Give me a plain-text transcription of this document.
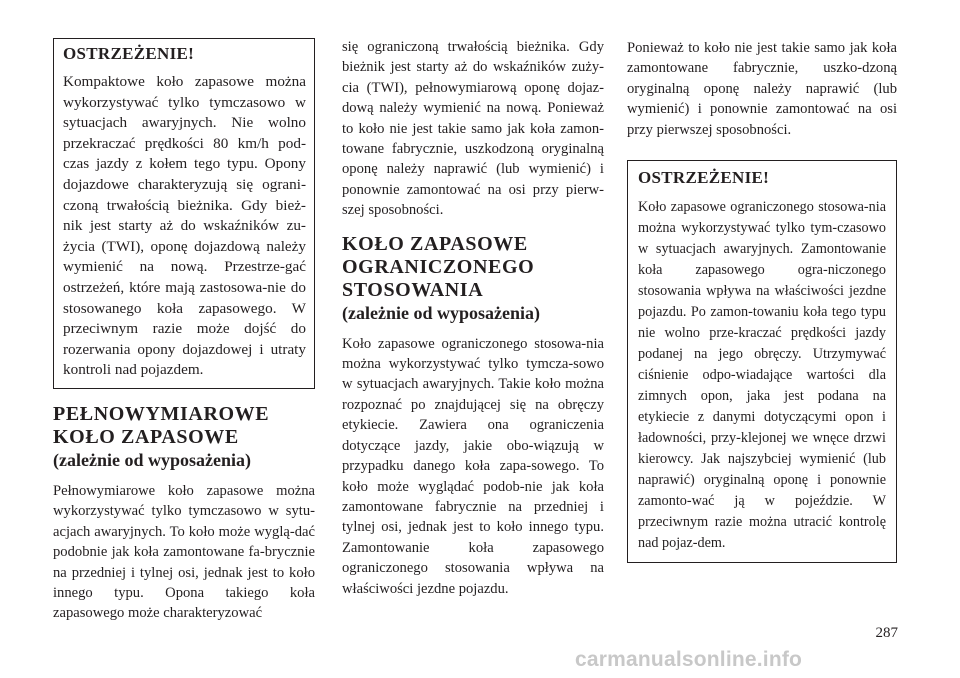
OSTRZEŻENIE!

Kompaktowe koło zapasowe można wykorzystywać tylko tymczasowo w sytuacjach awaryjnych. Nie wolno przekraczać prędkości 80 km/h pod-czas jazdy z kołem tego typu. Opony dojazdowe charakteryzują się ograni-czoną trwałością bieżnika. Gdy bież-nik jest starty aż do wskaźników zu-życia (TWI), oponę dojazdową należy wymienić na nową. Przestrze-gać ostrzeżeń, które mają zastosowa-nie do stosowanego koła zapasowego. W przeciwnym razie może dojść do rozerwania opony dojazdowej i utraty kontroli nad pojazdem.

PEŁNOWYMIAROWE
KOŁO ZAPASOWE
(zależnie od wyposażenia)

Pełnowymiarowe koło zapasowe można wykorzystywać tylko tymczasowo w sytu-acjach awaryjnych. To koło może wyglą-dać podobnie jak koła zamontowane fa-brycznie na przedniej i tylnej osi, jednak jest to koło innego typu. Opona takiego koła zapasowego może charakteryzować

się ograniczoną trwałością bieżnika. Gdy bieżnik jest starty aż do wskaźników zuży-cia (TWI), pełnowymiarową oponę dojaz-dową należy wymienić na nową. Ponieważ to koło nie jest takie samo jak koła zamon-towane fabrycznie, uszkodzoną oryginalną oponę należy naprawić (lub wymienić) i ponownie zamontować na osi przy pierw-szej sposobności.

KOŁO ZAPASOWE
OGRANICZONEGO
STOSOWANIA
(zależnie od wyposażenia)

Koło zapasowe ograniczonego stosowa-nia można wykorzystywać tylko tymcza-sowo w sytuacjach awaryjnych. Takie koło można rozpoznać po znajdującej się na obręczy etykiecie. Zawiera ona ograniczenia dotyczące jazdy, jakie obo-wiązują w przypadku danego koła zapa-sowego. To koło może wyglądać podob-nie jak koła zamontowane fabrycznie na przedniej i tylnej osi, jednak jest to koło innego typu. Zamontowanie koła zapasowego ograniczonego stosowania wpływa na właściwości jezdne pojazdu.

Ponieważ to koło nie jest takie samo jak koła zamontowane fabrycznie, uszko-dzoną oryginalną oponę należy naprawić (lub wymienić) i ponownie zamontować na osi przy pierwszej sposobności.

OSTRZEŻENIE!

Koło zapasowe ograniczonego stosowa-nia można wykorzystywać tylko tym-czasowo w sytuacjach awaryjnych. Zamontowanie koła zapasowego ogra-niczonego stosowania wpływa na właściwości jezdne pojazdu. Po zamon-towaniu koła tego typu nie wolno prze-kraczać prędkości jazdy podanej na jego obręczy. Utrzymywać ciśnienie odpo-wiadające wartości dla zimnych opon, jaka jest podana na etykiecie z danymi dotyczącymi opon i ładowności, przy-klejonej we wnęce drzwi kierowcy. Jak najszybciej wymienić (lub naprawić) oryginalną oponę i ponownie zamonto-wać ją w pojeździe. W przeciwnym razie można utracić kontrolę nad pojaz-dem.

287
carmanualsonline.info
